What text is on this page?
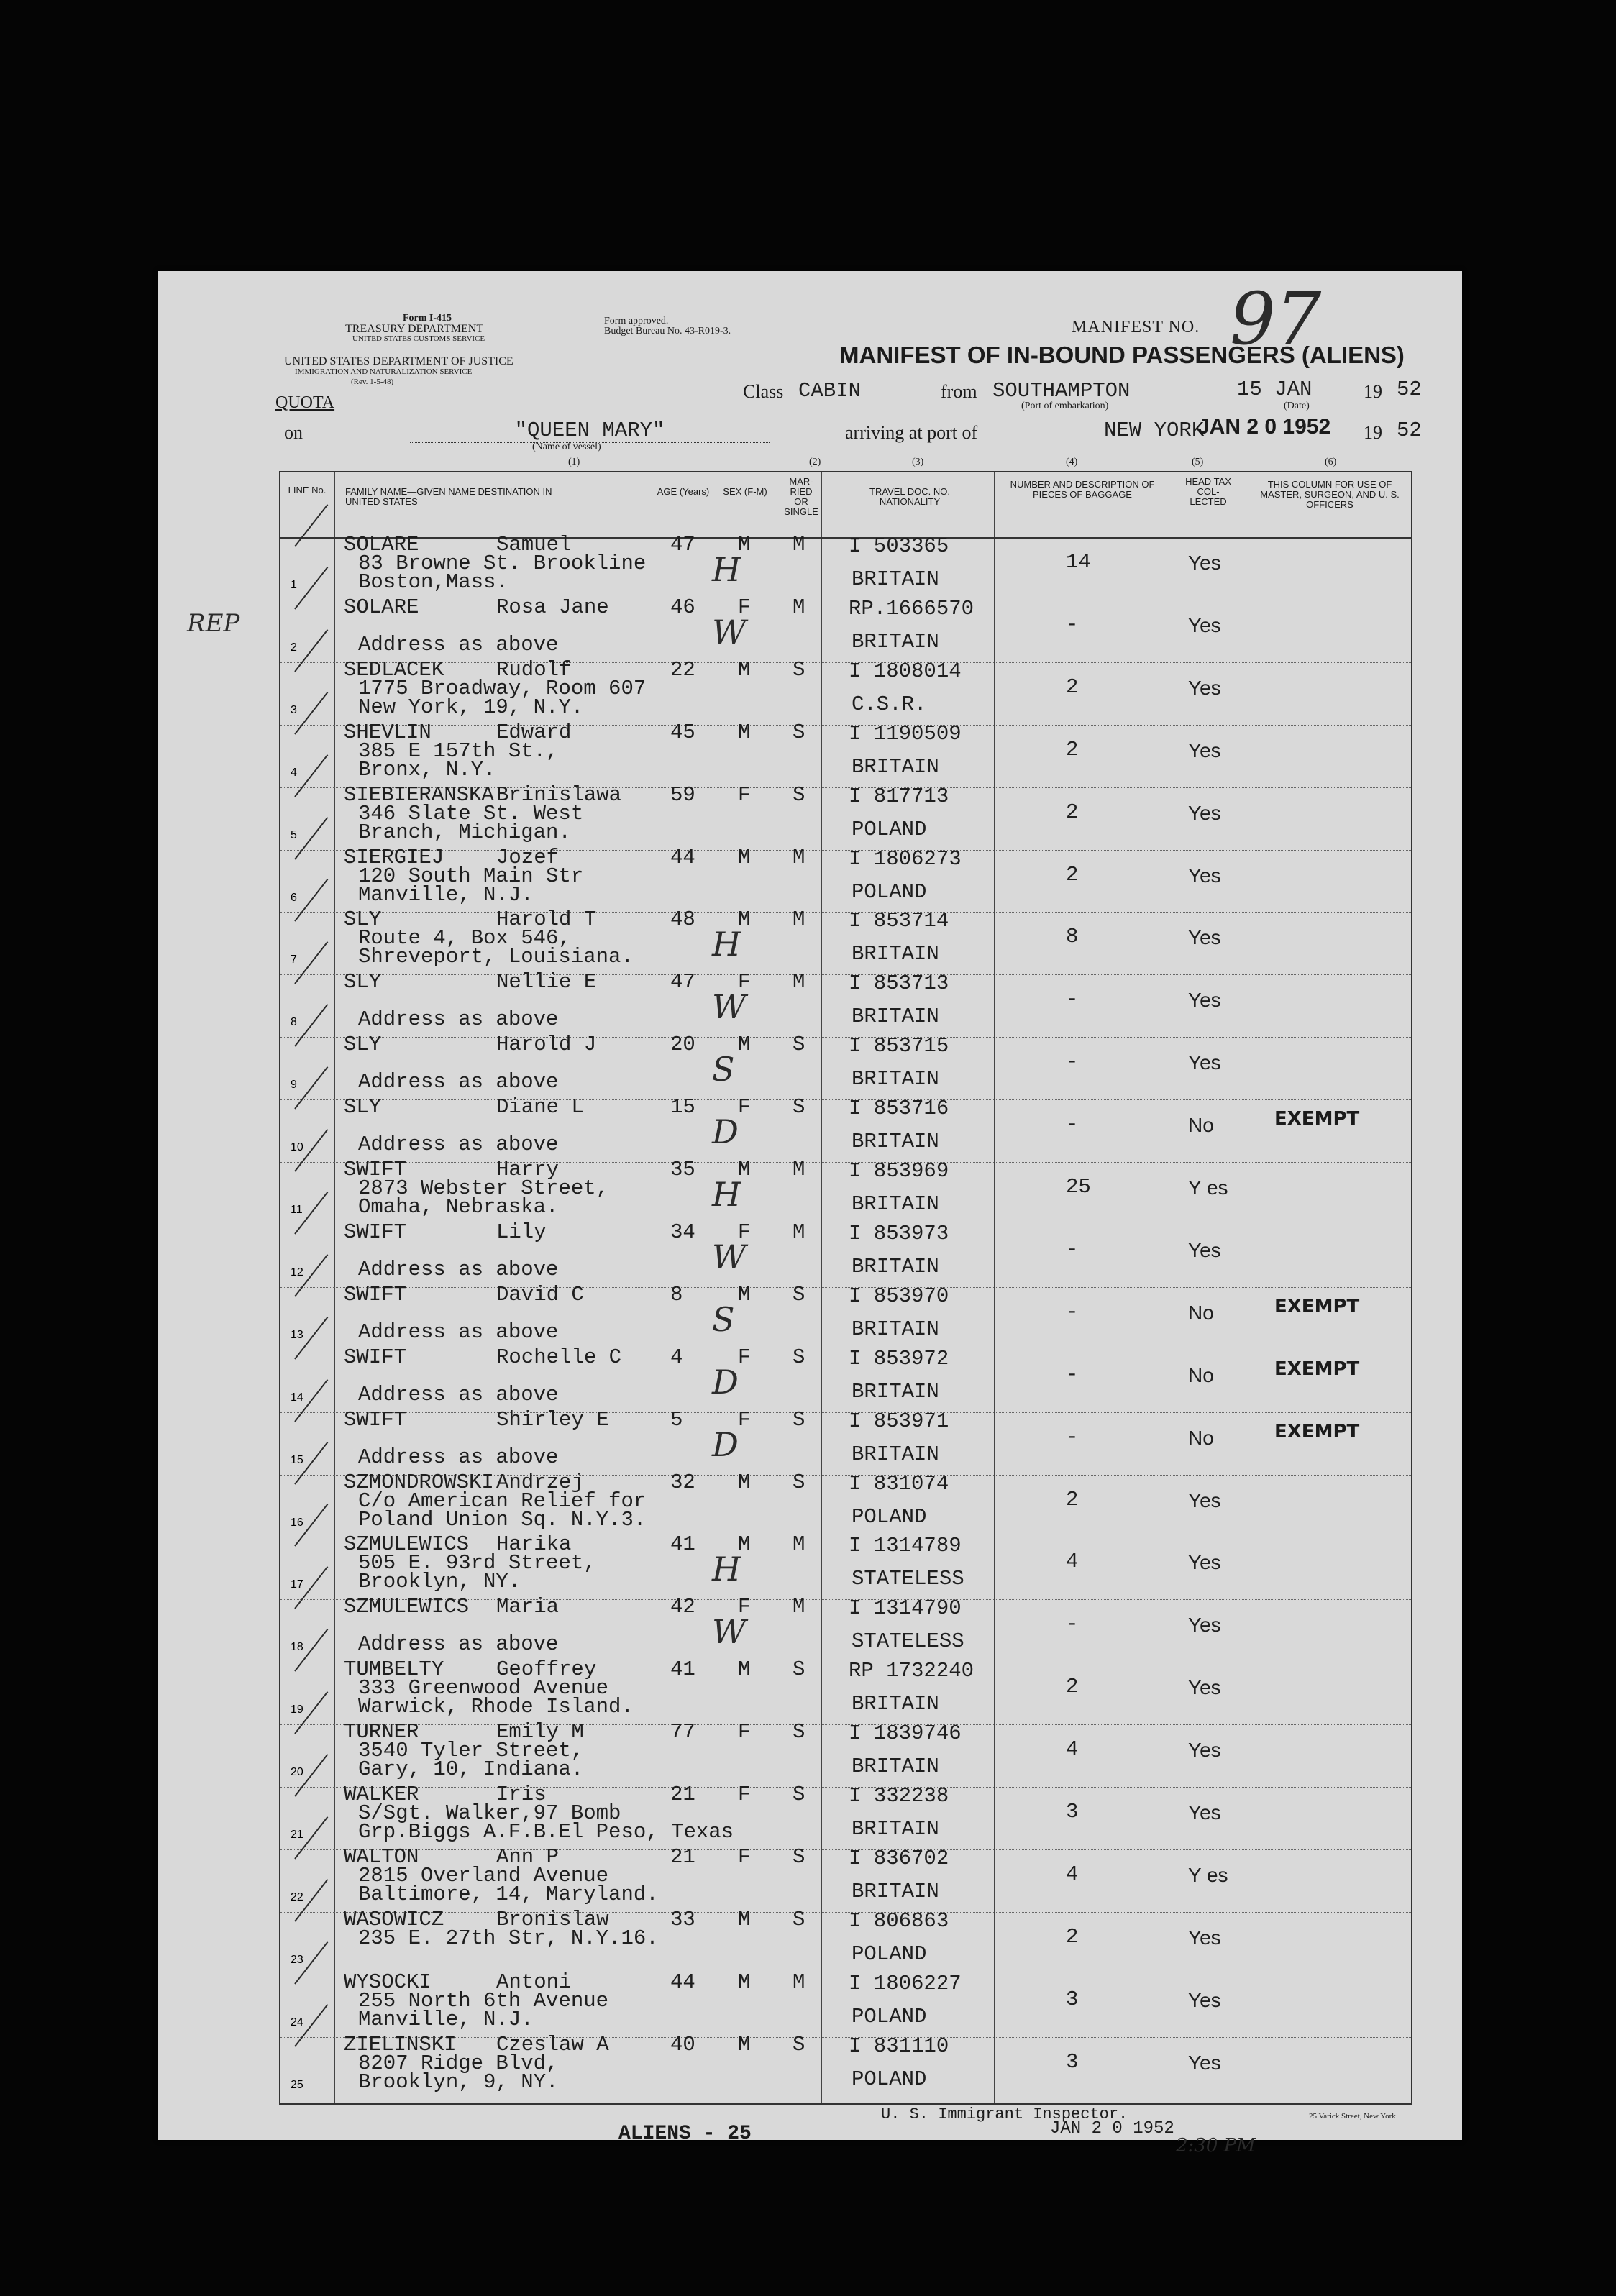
Form I-415
TREASURY DEPARTMENT
UNITED STATES CUSTOMS SERVICE
Form approved.
Budget Bureau No. 43-R019-3.
UNITED STATES DEPARTMENT OF JUSTICE
IMMIGRATION AND NATURALIZATION SERVICE
(Rev. 1-5-48)
MANIFEST NO. 97
MANIFEST OF IN-BOUND PASSENGERS (ALIENS)
QUOTA
Class CABIN	from SOUTHAMPTON	15 JAN	19 52
(Port of embarkation)	(Date)
on	"QUEEN MARY"
(Name of vessel)
arriving at port of	NEW YORK
JAN 2 0 1952 19 52
(1)	(2)	(3)	(4)	(5)	(6)
REP
LINE No.	FAMILY NAME—GIVEN NAME DESTINATION IN UNITED STATES
AGE (Years)	SEX (F-M)
MAR-RIED OR SINGLE
TRAVEL DOC. NO. NATIONALITY
NUMBER AND DESCRIPTION OF PIECES OF BAGGAGE
HEAD TAX COL-LECTED
THIS COLUMN FOR USE OF MASTER, SURGEON, AND U. S. OFFICERS
1
SOLARE	Samuel
83 Browne St. Brookline
Boston,Mass.
47 M M I 503365
BRITAIN
14	Yes
H
2
SOLARE	Rosa Jane
Address as above
46 F M RP.1666570
BRITAIN
-	Yes
W
3
SEDLACEK	Rudolf
1775 Broadway, Room 607
New York, 19, N.Y.
22 M S I 1808014
C.S.R.
2	Yes
4
SHEVLIN	Edward
385 E 157th St.,
Bronx, N.Y.
45 M S I 1190509
BRITAIN
2	Yes
5
SIEBIERANSKA Brinislawa
346 Slate St. West
Branch, Michigan.
59 F S I 817713
POLAND
2	Yes
6
SIERGIEJ	Jozef
120 South Main Str
Manville, N.J.
44 M M I 1806273
POLAND
2	Yes
7
SLY	Harold T
Route 4, Box 546,
Shreveport, Louisiana.
48 M M I 853714
BRITAIN
8	Yes
H
8
SLY	Nellie E
Address as above
47 F M I 853713
BRITAIN
-	Yes
W
9
SLY	Harold J
Address as above
20 M S I 853715
BRITAIN
-	Yes
S
10
SLY	Diane L
Address as above
15 F S I 853716
BRITAIN
-	No	EXEMPT
D
11
SWIFT	Harry
2873 Webster Street,
Omaha, Nebraska.
35 M M I 853969
BRITAIN
25	Y es
H
12
SWIFT	Lily
Address as above
34 F M I 853973
BRITAIN
-	Yes
W
13
SWIFT	David C
Address as above
8	M S I 853970
BRITAIN
-	No	EXEMPT
S
14
SWIFT	Rochelle C
Address as above
4	F S I 853972
BRITAIN
-	No	EXEMPT
D
15
SWIFT	Shirley E
Address as above
5	F S I 853971
BRITAIN
-	No	EXEMPT
D
16
SZMONDROWSKI Andrzej
C/o American Relief for
Poland Union Sq. N.Y.3.
32 M S I 831074
POLAND
2	Yes
17
SZMULEWICS Harika
505 E. 93rd Street,
Brooklyn, NY.
41 M M I 1314789
STATELESS
4	Yes
H
18
SZMULEWICS Maria
Address as above
42 F M I 1314790
STATELESS
-	Yes
W
19
TUMBELTY	Geoffrey
333 Greenwood Avenue
Warwick, Rhode Island.
41 M S RP 1732240
BRITAIN
2	Yes
20
TURNER	Emily M
3540 Tyler Street,
Gary, 10, Indiana.
77 F S I 1839746
BRITAIN
4	Yes
21
WALKER	Iris
S/Sgt. Walker,97 Bomb
Grp.Biggs A.F.B.El Peso, Texas
21 F S I 332238
BRITAIN
3	Yes
22
WALTON	Ann P
2815 Overland Avenue
Baltimore, 14, Maryland.
21 F S I 836702
BRITAIN
4	Y es
23
WASOWICZ	Bronislaw
235 E. 27th Str, N.Y.16.
33 M S I 806863
POLAND
2	Yes
24
WYSOCKI	Antoni
255 North 6th Avenue
Manville, N.J.
44 M M I 1806227
POLAND
3	Yes
25
ZIELINSKI Czeslaw A
8207 Ridge Blvd,
Brooklyn, 9, NY.
40 M S I 831110
POLAND
3	Yes
U. S. Immigrant Inspector.
JAN 2 0 1952
2:30 PM
25 Varick Street, New York
ALIENS - 25
